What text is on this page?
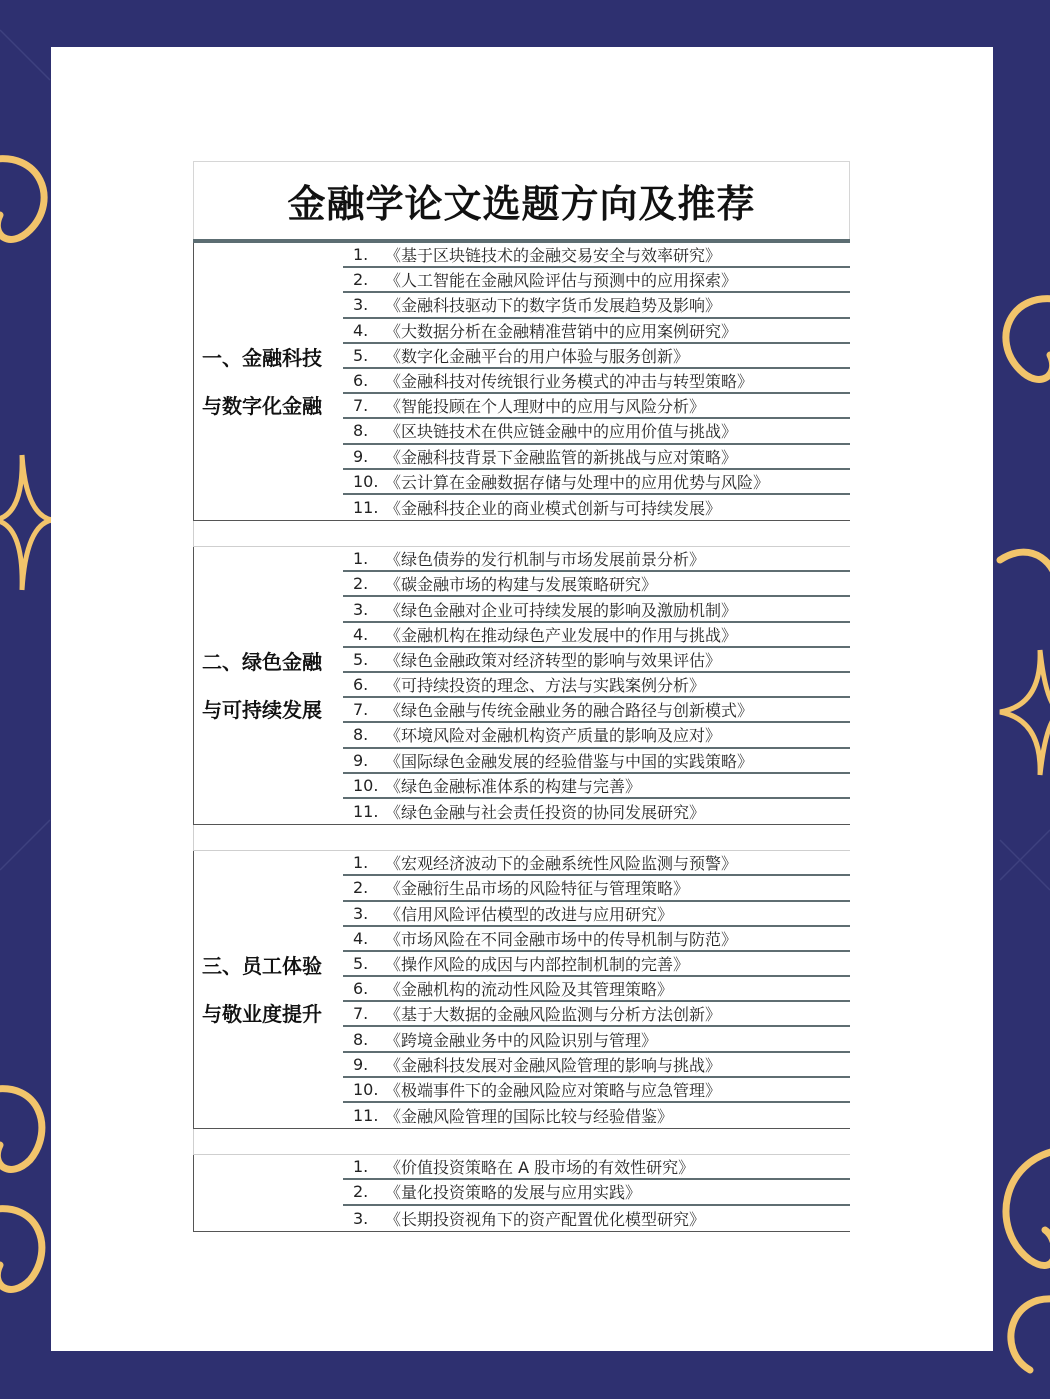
金融学论文选题方向及推荐
一、金融科技
与数字化金融
1.	《基于区块链技术的金融交易安全与效率研究》
2.	《人工智能在金融风险评估与预测中的应用探索》
3.	《金融科技驱动下的数字货币发展趋势及影响》
4.	《大数据分析在金融精准营销中的应用案例研究》
5.	《数字化金融平台的用户体验与服务创新》
6.	《金融科技对传统银行业务模式的冲击与转型策略》
7.	《智能投顾在个人理财中的应用与风险分析》
8.	《区块链技术在供应链金融中的应用价值与挑战》
9.	《金融科技背景下金融监管的新挑战与应对策略》
10. 《云计算在金融数据存储与处理中的应用优势与风险》
11. 《金融科技企业的商业模式创新与可持续发展》
二、绿色金融
与可持续发展
1.	《绿色债券的发行机制与市场发展前景分析》
2.	《碳金融市场的构建与发展策略研究》
3.	《绿色金融对企业可持续发展的影响及激励机制》
4.	《金融机构在推动绿色产业发展中的作用与挑战》
5.	《绿色金融政策对经济转型的影响与效果评估》
6.	《可持续投资的理念、方法与实践案例分析》
7.	《绿色金融与传统金融业务的融合路径与创新模式》
8.	《环境风险对金融机构资产质量的影响及应对》
9.	《国际绿色金融发展的经验借鉴与中国的实践策略》
10. 《绿色金融标准体系的构建与完善》
11. 《绿色金融与社会责任投资的协同发展研究》
三、员工体验
与敬业度提升
1.	《宏观经济波动下的金融系统性风险监测与预警》
2.	《金融衍生品市场的风险特征与管理策略》
3.	《信用风险评估模型的改进与应用研究》
4.	《市场风险在不同金融市场中的传导机制与防范》
5.	《操作风险的成因与内部控制机制的完善》
6.	《金融机构的流动性风险及其管理策略》
7.	《基于大数据的金融风险监测与分析方法创新》
8.	《跨境金融业务中的风险识别与管理》
9.	《金融科技发展对金融风险管理的影响与挑战》
10. 《极端事件下的金融风险应对策略与应急管理》
11. 《金融风险管理的国际比较与经验借鉴》
1.	《价值投资策略在 A 股市场的有效性研究》
2.	《量化投资策略的发展与应用实践》
3.	《长期投资视角下的资产配置优化模型研究》
